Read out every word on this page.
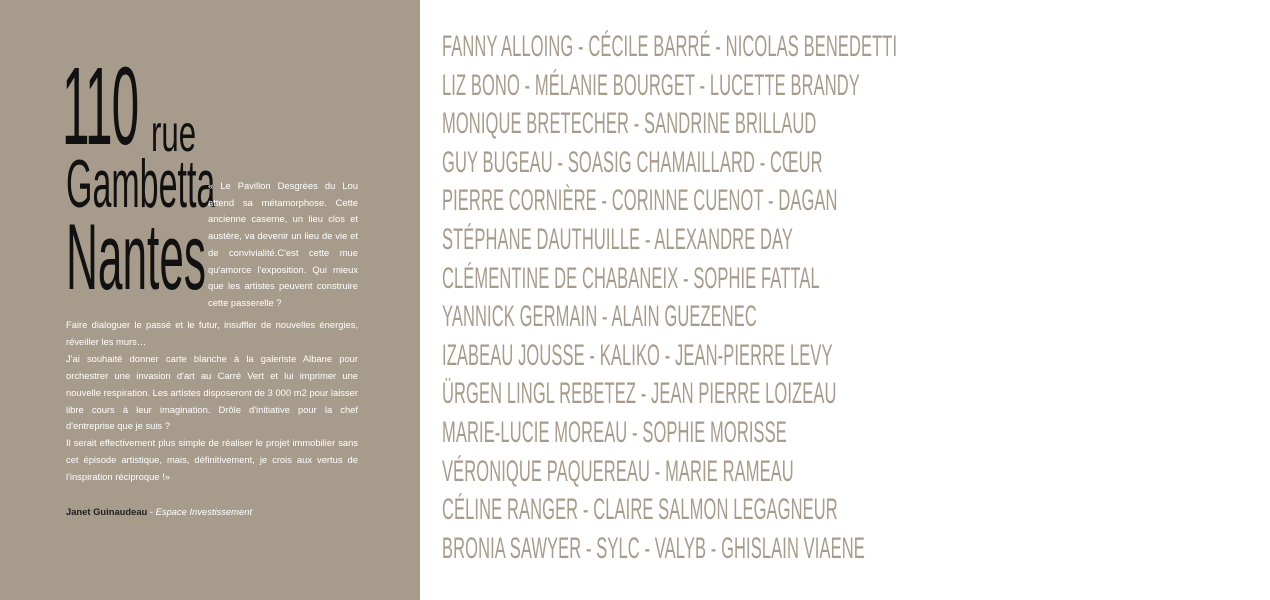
110 rue
Gambetta
Nantes
« Le Pavillon Desgrées du Lou attend sa métamorphose. Cette ancienne caserne, un lieu clos et austère, va devenir un lieu de vie et de convivialité.C'est cette mue qu'amorce l'exposition. Qui mieux que les artistes peuvent construire cette passerelle ?

Faire dialoguer le passé et le futur, insuffler de nouvelles énergies, réveiller les murs…

J'ai souhaité donner carte blanche à la galeriste Albane pour orchestrer une invasion d'art au Carré Vert et lui imprimer une nouvelle respiration. Les artistes disposeront de 3 000 m2 pour laisser libre cours à leur imagination. Drôle d'initiative pour la chef d'entreprise que je suis ?

Il serait effectivement plus simple de réaliser le projet immobilier sans cet épisode artistique, mais, définitivement, je crois aux vertus de l'inspiration réciproque !»

Janet Guinaudeau - Espace Investissement
FANNY ALLOING - CÉCILE BARRÉ - NICOLAS BENEDETTI
LIZ BONO - MÉLANIE BOURGET - LUCETTE BRANDY
MONIQUE BRETECHER - SANDRINE BRILLAUD
GUY BUGEAU - SOASIG CHAMAILLARD - CŒUR
PIERRE CORNIÈRE - CORINNE CUENOT - DAGAN
STÉPHANE DAUTHUILLE - ALEXANDRE DAY
CLÉMENTINE DE CHABANEIX - SOPHIE FATTAL
YANNICK GERMAIN - ALAIN GUEZENEC
IZABEAU JOUSSE - KALIKO - JEAN-PIERRE LEVY
ÜRGEN LINGL REBETEZ - JEAN PIERRE LOIZEAU
MARIE-LUCIE MOREAU - SOPHIE MORISSE
VÉRONIQUE PAQUEREAU - MARIE RAMEAU
CÉLINE RANGER - CLAIRE SALMON LEGAGNEUR
BRONIA SAWYER - SYLC - VALYB - GHISLAIN VIAENE
